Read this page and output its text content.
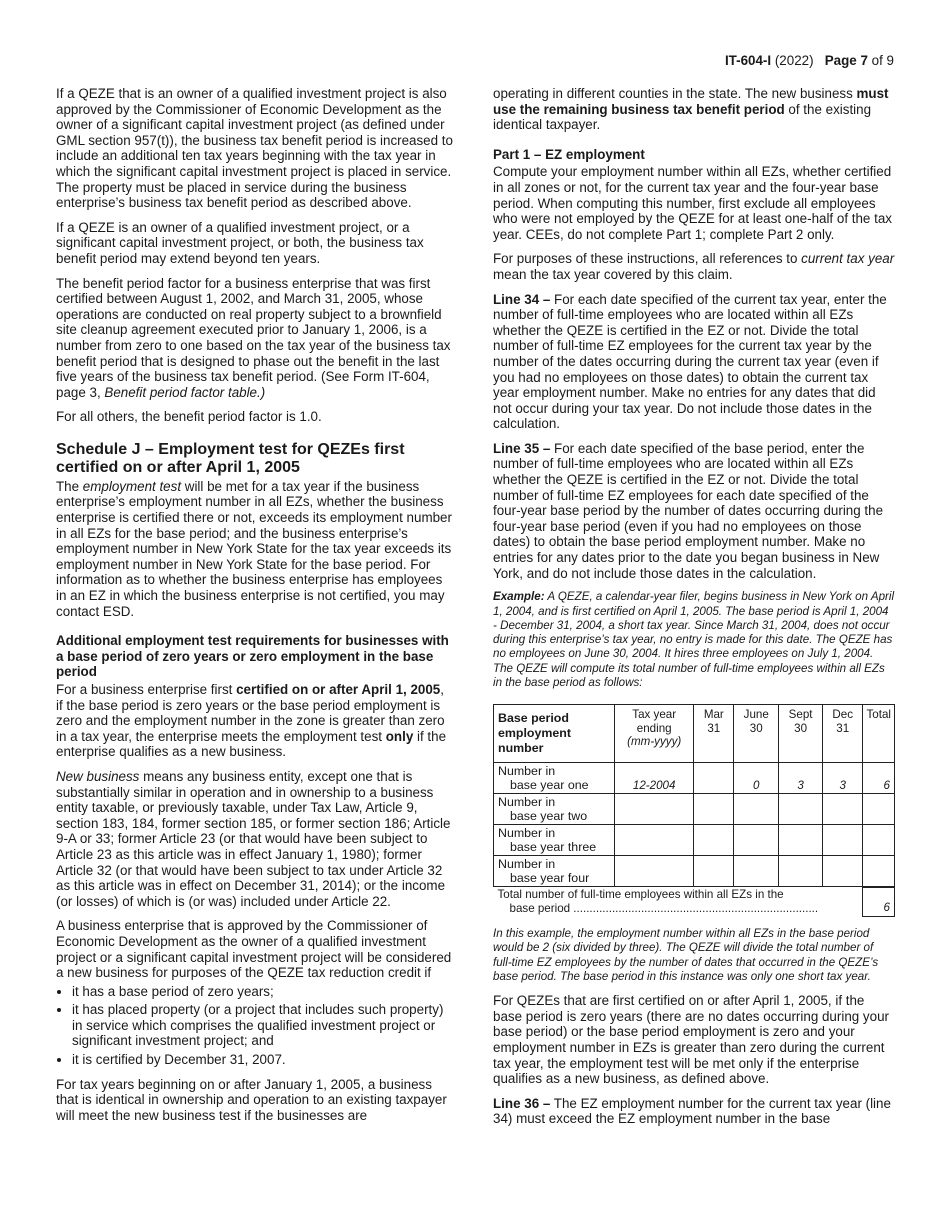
IT-604-I (2022) Page 7 of 9

If a QEZE that is an owner of a qualified investment project is also approved by the Commissioner of Economic Development as the owner of a significant capital investment project (as defined under GML section 957(t)), the business tax benefit period is increased to include an additional ten tax years beginning with the tax year in which the significant capital investment project is placed in service. The property must be placed in service during the business enterprise’s business tax benefit period as described above.

If a QEZE is an owner of a qualified investment project, or a significant capital investment project, or both, the business tax benefit period may extend beyond ten years.

The benefit period factor for a business enterprise that was first certified between August 1, 2002, and March 31, 2005, whose operations are conducted on real property subject to a brownfield site cleanup agreement executed prior to January 1, 2006, is a number from zero to one based on the tax year of the business tax benefit period that is designed to phase out the benefit in the last five years of the business tax benefit period. (See Form IT-604, page 3, Benefit period factor table.)

For all others, the benefit period factor is 1.0.

Schedule J – Employment test for QEZEs first certified on or after April 1, 2005

The employment test will be met for a tax year if the business enterprise’s employment number in all EZs, whether the business enterprise is certified there or not, exceeds its employment number in all EZs for the base period; and the business enterprise’s employment number in New York State for the tax year exceeds its employment number in New York State for the base period. For information as to whether the business enterprise has employees in an EZ in which the business enterprise is not certified, you may contact ESD.

Additional employment test requirements for businesses with a base period of zero years or zero employment in the base period

For a business enterprise first certified on or after April 1, 2005, if the base period is zero years or the base period employment is zero and the employment number in the zone is greater than zero in a tax year, the enterprise meets the employment test only if the enterprise qualifies as a new business.

New business means any business entity, except one that is substantially similar in operation and in ownership to a business entity taxable, or previously taxable, under Tax Law, Article 9, section 183, 184, former section 185, or former section 186; Article 9-A or 33; former Article 23 (or that would have been subject to Article 23 as this article was in effect January 1, 1980); former Article 32 (or that would have been subject to tax under Article 32 as this article was in effect on December 31, 2014); or the income (or losses) of which is (or was) included under Article 22.

A business enterprise that is approved by the Commissioner of Economic Development as the owner of a qualified investment project or a significant capital investment project will be considered a new business for purposes of the QEZE tax reduction credit if

• it has a base period of zero years;
• it has placed property (or a project that includes such property) in service which comprises the qualified investment project or significant investment project; and
• it is certified by December 31, 2007.

For tax years beginning on or after January 1, 2005, a business that is identical in ownership and operation to an existing taxpayer will meet the new business test if the businesses are

operating in different counties in the state. The new business must use the remaining business tax benefit period of the existing identical taxpayer.

Part 1 – EZ employment

Compute your employment number within all EZs, whether certified in all zones or not, for the current tax year and the four-year base period. When computing this number, first exclude all employees who were not employed by the QEZE for at least one-half of the tax year. CEEs, do not complete Part 1; complete Part 2 only.

For purposes of these instructions, all references to current tax year mean the tax year covered by this claim.

Line 34 – For each date specified of the current tax year, enter the number of full-time employees who are located within all EZs whether the QEZE is certified in the EZ or not. Divide the total number of full-time EZ employees for the current tax year by the number of the dates occurring during the current tax year (even if you had no employees on those dates) to obtain the current tax year employment number. Make no entries for any dates that did not occur during your tax year. Do not include those dates in the calculation.

Line 35 – For each date specified of the base period, enter the number of full-time employees who are located within all EZs whether the QEZE is certified in the EZ or not. Divide the total number of full-time EZ employees for each date specified of the four-year base period by the number of dates occurring during the four-year base period (even if you had no employees on those dates) to obtain the base period employment number. Make no entries for any dates prior to the date you began business in New York, and do not include those dates in the calculation.

Example: A QEZE, a calendar-year filer, begins business in New York on April 1, 2004, and is first certified on April 1, 2005. The base period is April 1, 2004 - December 31, 2004, a short tax year. Since March 31, 2004, does not occur during this enterprise’s tax year, no entry is made for this date. The QEZE has no employees on June 30, 2004. It hires three employees on July 1, 2004. The QEZE will compute its total number of full-time employees within all EZs in the base period as follows:

Base period employment number	Tax year ending
(mm-yyyy)	Mar 31	June 30	Sept 30	Dec 31	Total
Number in
base year one	12-2004		0	3	3	6
Number in
base year two						
Number in
base year three						
Number in
base year four						
Total number of full-time employees within all EZs in the
base period ............................................................................						6

In this example, the employment number within all EZs in the base period would be 2 (six divided by three). The QEZE will divide the total number of full-time EZ employees by the number of dates that occurred in the QEZE’s base period. The base period in this instance was only one short tax year.

For QEZEs that are first certified on or after April 1, 2005, if the base period is zero years (there are no dates occurring during your base period) or the base period employment is zero and your employment number in EZs is greater than zero during the current tax year, the employment test will be met only if the enterprise qualifies as a new business, as defined above.

Line 36 – The EZ employment number for the current tax year (line 34) must exceed the EZ employment number in the base
